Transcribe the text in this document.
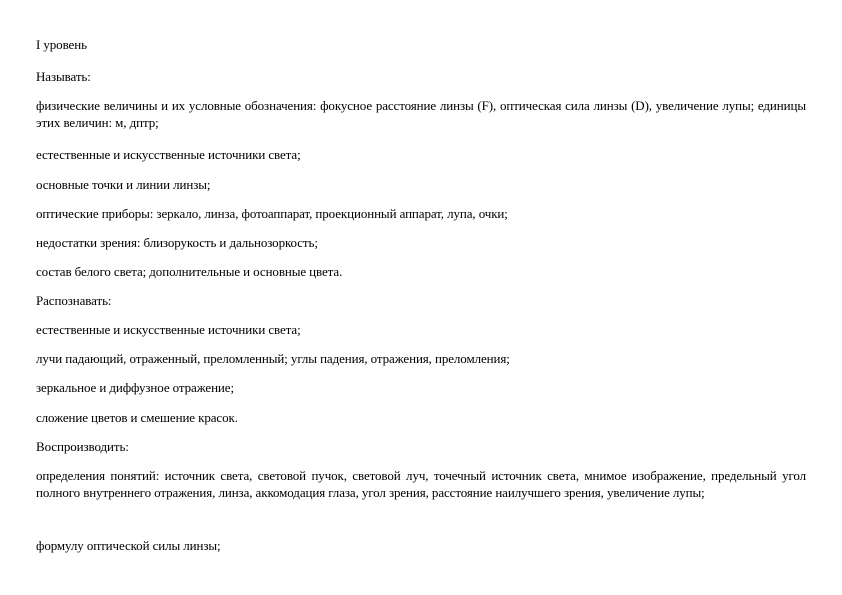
I уровень
Называть:
физические величины и их условные обозначения: фокусное расстояние линзы (F), оптическая сила линзы (D), увеличение лупы; единицы этих величин: м, дптр;
естественные и искусственные источники света;
основные точки и линии линзы;
оптические приборы: зеркало, линза, фотоаппарат, проекционный аппарат, лупа, очки;
недостатки зрения: близорукость и дальнозоркость;
состав белого света; дополнительные и основные цвета.
Распознавать:
естественные и искусственные источники света;
лучи падающий, отраженный, преломленный; углы падения, отражения, преломления;
зеркальное и диффузное отражение;
сложение цветов и смешение красок.
Воспроизводить:
определения понятий: источник света, световой пучок, световой луч, точечный источник света, мнимое изображение, предельный угол полного внутреннего отражения, линза, аккомодация глаза, угол зрения, расстояние наилучшего зрения, увеличение лупы;
формулу оптической силы линзы;
